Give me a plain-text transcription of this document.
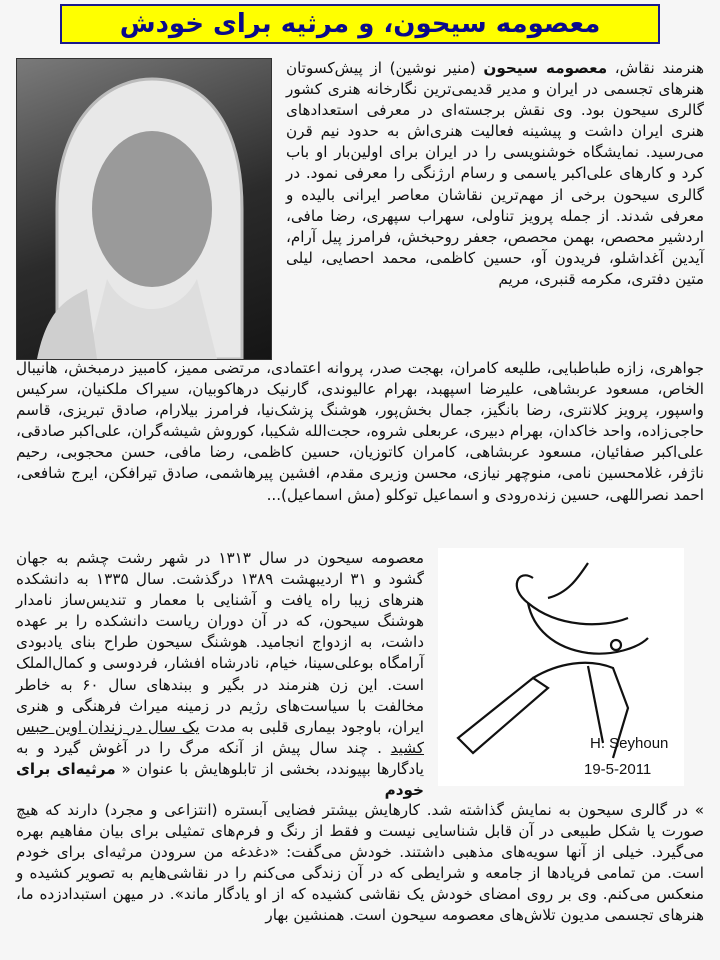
معصومه سیحون، و مرثیه برای خودش
H. Seyhoun
19-5-2011

هنرمند نقاش، معصومه سیحون (منیر نوشین) از پیش‌کسوتان هنرهای تجسمی در ایران و مدیر قدیمی‌ترین نگارخانه هنری کشور گالری سیحون بود. وی نقش برجسته‌ای در معرفی استعدادهای هنری ایران داشت و پیشینه فعالیت هنری‌اش به حدود نیم قرن می‌رسید. نمایشگاه خوشنویسی را در ایران برای اولین‌بار او باب کرد و کارهای علی‌اکبر یاسمی و رسام ارژنگی را معرفی نمود. در گالری سیحون برخی از مهم‌ترین نقاشان معاصر ایرانی بالیده و معرفی شدند. از جمله پرویز تناولی، سهراب سپهری، رضا مافی، اردشیر محصص، بهمن محصص، جعفر روحبخش، فرامرز پیل آرام، آیدین آغداشلو، فریدون آو، حسین کاظمی، محمد احصایی، لیلی متین دفتری، مکرمه قنبری، مریم

جواهری، زازه طباطبایی، طلیعه کامران، بهجت صدر، پروانه اعتمادی، مرتضی ممیز، کامبیز درمبخش، هانیبال الخاص، مسعود عربشاهی، علیرضا اسپهبد، بهرام عالیوندی، گارنیک درهاکوبیان، سیراک ملکنیان، سرکیس واسپور، پرویز کلانتری، رضا بانگیز، جمال بخش‌پور، هوشنگ پزشک‌نیا، فرامرز بیلارام، صادق تبریزی، قاسم حاجی‌زاده، واحد خاکدان، بهرام دبیری، عربعلی شروه، حجت‌الله شکیبا، کوروش شیشه‌گران، علی‌اکبر صادقی، علی‌اکبر صفائیان، مسعود عربشاهی، کامران کاتوزیان، حسین کاظمی، رضا مافی، حسن محجوبی، رحیم ناژفر، غلامحسین نامی، منوچهر نیازی، محسن وزیری مقدم، افشین پیرهاشمی، صادق تیرافکن، ایرج شافعی، احمد نصراللهی، حسین زنده‌رودی و اسماعیل توکلو (مش اسماعیل)...

معصومه سیحون در سال ۱۳۱۳ در شهر رشت چشم به جهان گشود و ۳۱ اردیبهشت ۱۳۸۹ درگذشت. سال ۱۳۳۵ به دانشکده هنرهای زیبا راه یافت و آشنایی با معمار و تندیس‌ساز نامدار هوشنگ سیحون، که در آن دوران ریاست دانشکده را بر عهده داشت، به ازدواج انجامید. هوشنگ سیحون طراح بنای یادبودی آرامگاه بوعلی‌سینا، خیام، نادرشاه افشار، فردوسی و کمال‌الملک است. این زن هنرمند در بگیر و ببندهای سال ۶۰ به خاطر مخالفت با سیاست‌های رژیم در زمینه میراث فرهنگی و هنری ایران، باوجود بیماری قلبی به مدت یک سال در زندان اوین حبس کشید . چند سال پیش از آنکه مرگ را در آغوش گیرد و به یادگارها بپیوندد، بخشی از تابلوهایش با عنوان « مرثیه‌ای برای خودم

» در گالری سیحون به نمایش گذاشته شد. کارهایش بیشتر فضایی آبستره (انتزاعی و مجرد) دارند که هیچ صورت یا شکل طبیعی در آن قابل شناسایی نیست و فقط از رنگ و فرم‌های تمثیلی برای بیان مفاهیم بهره می‌گیرد. خیلی از آنها سویه‌های مذهبی داشتند. خودش می‌گفت: «دغدغه من سرودن مرثیه‌ای برای خودم است. من تمامی فریادها از جامعه و شرایطی که در آن زندگی می‌کنم را در نقاشی‌هایم به تصویر کشیده و منعکس می‌کنم. وی بر روی امضای خودش یک نقاشی کشیده که از او یادگار ماند». در میهن استبدادزده ما، هنرهای تجسمی مدیون تلاش‌های معصومه سیحون است. همنشین بهار
